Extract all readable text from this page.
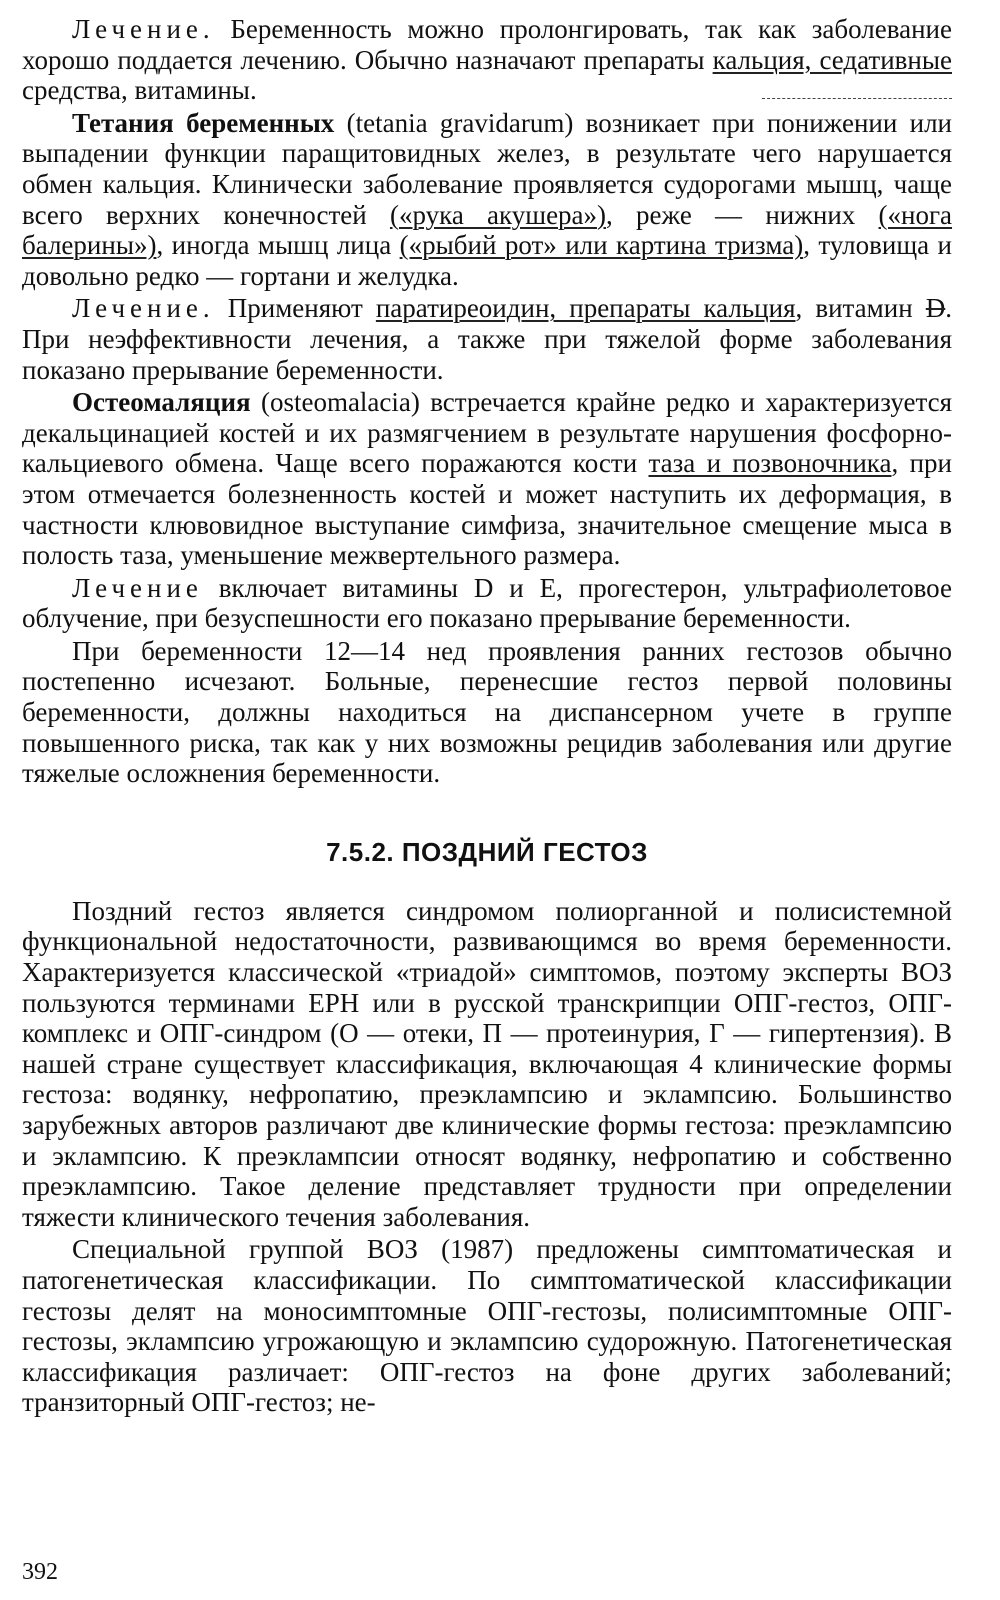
Лечение. Беременность можно пролонгировать, так как заболевание хорошо поддается лечению. Обычно назначают препараты кальция, седативные средства, витамины.

Тетания беременных (tetania gravidarum) возникает при понижении или выпадении функции паращитовидных желез, в результате чего нарушается обмен кальция. Клинически заболевание проявляется судорогами мышц, чаще всего верхних конечностей («рука акушера»), реже — нижних («нога балерины»), иногда мышц лица («рыбий рот» или картина тризма), туловища и довольно редко — гортани и желудка.

Лечение. Применяют паратиреоидин, препараты кальция, витамин D. При неэффективности лечения, а также при тяжелой форме заболевания показано прерывание беременности.

Остеомаляция (osteomalacia) встречается крайне редко и характеризуется декальцинацией костей и их размягчением в результате нарушения фосфорно-кальциевого обмена. Чаще всего поражаются кости таза и позвоночника, при этом отмечается болезненность костей и может наступить их деформация, в частности клювовидное выступание симфиза, значительное смещение мыса в полость таза, уменьшение межвертельного размера.

Лечение включает витамины D и E, прогестерон, ультрафиолетовое облучение, при безуспешности его показано прерывание беременности.

При беременности 12—14 нед проявления ранних гестозов обычно постепенно исчезают. Больные, перенесшие гестоз первой половины беременности, должны находиться на диспансерном учете в группе повышенного риска, так как у них возможны рецидив заболевания или другие тяжелые осложнения беременности.

7.5.2. ПОЗДНИЙ ГЕСТОЗ

Поздний гестоз является синдромом полиорганной и полисистемной функциональной недостаточности, развивающимся во время беременности. Характеризуется классической «триадой» симптомов, поэтому эксперты ВОЗ пользуются терминами EPH или в русской транскрипции ОПГ-гестоз, ОПГ-комплекс и ОПГ-синдром (О — отеки, П — протеинурия, Г — гипертензия). В нашей стране существует классификация, включающая 4 клинические формы гестоза: водянку, нефропатию, преэклампсию и эклампсию. Большинство зарубежных авторов различают две клинические формы гестоза: преэклампсию и эклампсию. К преэклампсии относят водянку, нефропатию и собственно преэклампсию. Такое деление представляет трудности при определении тяжести клинического течения заболевания.

Специальной группой ВОЗ (1987) предложены симптоматическая и патогенетическая классификации. По симптоматической классификации гестозы делят на моносимптомные ОПГ-гестозы, полисимптомные ОПГ-гестозы, эклампсию угрожающую и эклампсию судорожную. Патогенетическая классификация различает: ОПГ-гестоз на фоне других заболеваний; транзиторный ОПГ-гестоз; не-

392
